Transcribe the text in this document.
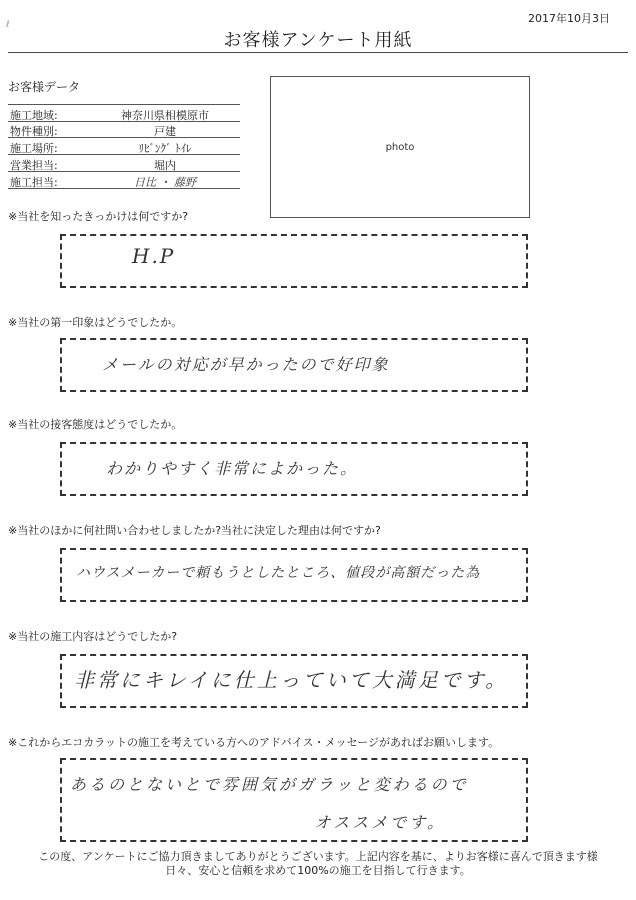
ℓ	2017年10月3日
お客様アンケート用紙
お客様データ
施工地域:	神奈川県相模原市
物件種別:	戸建
施工場所:	ﾘﾋﾞﾝｸﾞ ﾄｲﾚ
営業担当:	堀内
施工担当:	日比 ・ 藤野
photo
※当社を知ったきっかけは何ですか?
H.P
※当社の第一印象はどうでしたか。
メールの対応が早かったので好印象
※当社の接客態度はどうでしたか。
わかりやすく非常によかった。
※当社のほかに何社問い合わせしましたか?当社に決定した理由は何ですか?
ハウスメーカーで頼もうとしたところ、値段が高額だった為
※当社の施工内容はどうでしたか?
非常にキレイに仕上っていて大満足です。
※これからエコカラットの施工を考えている方へのアドバイス・メッセージがあればお願いします。
あるのとないとで雰囲気がガラッと変わるので
オススメです。
この度、アンケートにご協力頂きましてありがとうございます。上記内容を基に、よりお客様に喜んで頂きます様
日々、安心と信頼を求めて100%の施工を目指して行きます。
